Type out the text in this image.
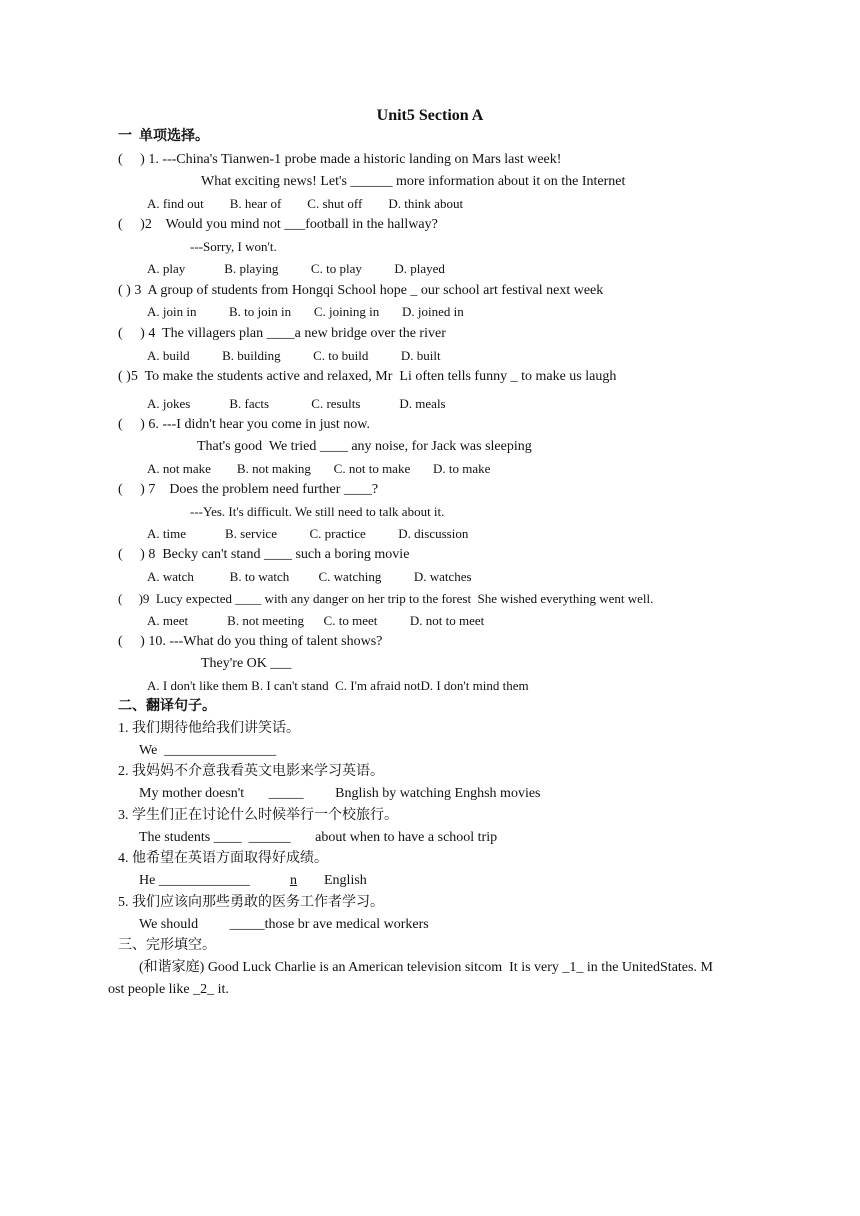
Unit5 Section A
一  单项选择。
(     ) 1. ---China's Tianwen-1 probe made a historic landing on Mars last week!
What exciting news! Let's ______ more information about it on the Internet
A. find out        B. hear of        C. shut off        D. think about
(     )2    Would you mind not ___football in the hallway?
---Sorry, I won't.
A. play            B. playing          C. to play          D. played
( ) 3  A group of students from Hongqi School hope _ our school art festival next week
A. join in          B. to join in       C. joining in       D. joined in
(     ) 4  The villagers plan ____a new bridge over the river
A. build          B. building          C. to build          D. built
( )5  To make the students active and relaxed, Mr  Li often tells funny _ to make us laugh
A. jokes            B. facts             C. results            D. meals
(     ) 6. ---I didn't hear you come in just now.
That's good  We tried ____ any noise, for Jack was sleeping
A. not make        B. not making       C. not to make       D. to make
(     ) 7    Does the problem need further ____?
---Yes. It's difficult. We still need to talk about it.
A. time            B. service          C. practice          D. discussion
(     ) 8  Becky can't stand ____ such a boring movie
A. watch           B. to watch         C. watching          D. watches
(     )9  Lucy expected ____ with any danger on her trip to the forest  She wished everything went well.
A. meet            B. not meeting      C. to meet          D. not to meet
(     ) 10. ---What do you thing of talent shows?
They're OK ___
A. I don't like them B. I can't stand  C. I'm afraid notD. I don't mind them
二、翻译句子。
1. 我们期待他给我们讲笑话。
We  ________________
2. 我妈妈不介意我看英文电影来学习英语。
My mother doesn't       _____         Bnglish by watching Enghsh movies
3. 学生们正在讨论什么时候举行一个校旅行。
The students ____  ______       about when to have a school trip
4. 他希望在英语方面取得好成绩。
He _____________	n English
5. 我们应该向那些勇敢的医务工作者学习。
We should         _____those br ave medical workers
三、完形填空。
(和谐家庭) Good Luck Charlie is an American television sitcom  It is very _1_ in the UnitedStates. M
ost people like _2_ it.
